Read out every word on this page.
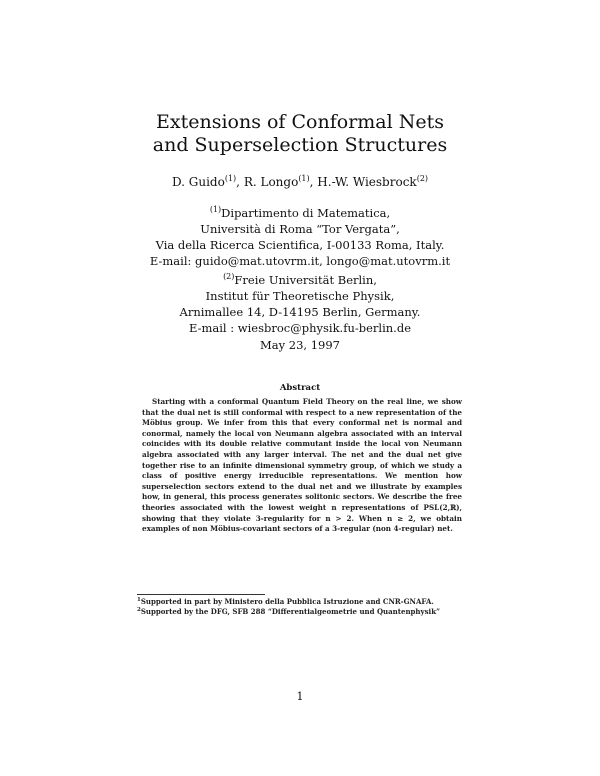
Extensions of Conformal Nets
and Superselection Structures
D. Guido$^{(1)}$, R. Longo$^{(1)}$, H.-W. Wiesbrock$^{(2)}$
$^{(1)}$Dipartimento di Matematica,
Università di Roma “Tor Vergata”,
Via della Ricerca Scientifica, I-00133 Roma, Italy.
E-mail: guido@mat.utovrm.it, longo@mat.utovrm.it
$^{(2)}$Freie Universität Berlin,
Institut für Theoretische Physik,
Arnimallee 14, D-14195 Berlin, Germany.
E-mail : wiesbroc@physik.fu-berlin.de
May 23, 1997
Abstract

Starting with a conformal Quantum Field Theory on the real line, we show that the dual net is still conformal with respect to a new representation of the Möbius group. We infer from this that every conformal net is normal and conormal, namely the local von Neumann algebra associated with an interval coincides with its double relative commutant inside the local von Neumann algebra associated with any larger interval. The net and the dual net give together rise to an infinite dimensional symmetry group, of which we study a class of positive energy irreducible representations. We mention how superselection sectors extend to the dual net and we illustrate by examples how, in general, this process generates solitonic sectors. We describe the free theories associated with the lowest weight n representations of PSL(2,ℝ), showing that they violate 3-regularity for n > 2. When n ≥ 2, we obtain examples of non Möbius-covariant sectors of a 3-regular (non 4-regular) net.

$^1$Supported in part by Ministero della Pubblica Istruzione and CNR-GNAFA.
$^2$Supported by the DFG, SFB 288 “Differentialgeometrie und Quantenphysik”
1
